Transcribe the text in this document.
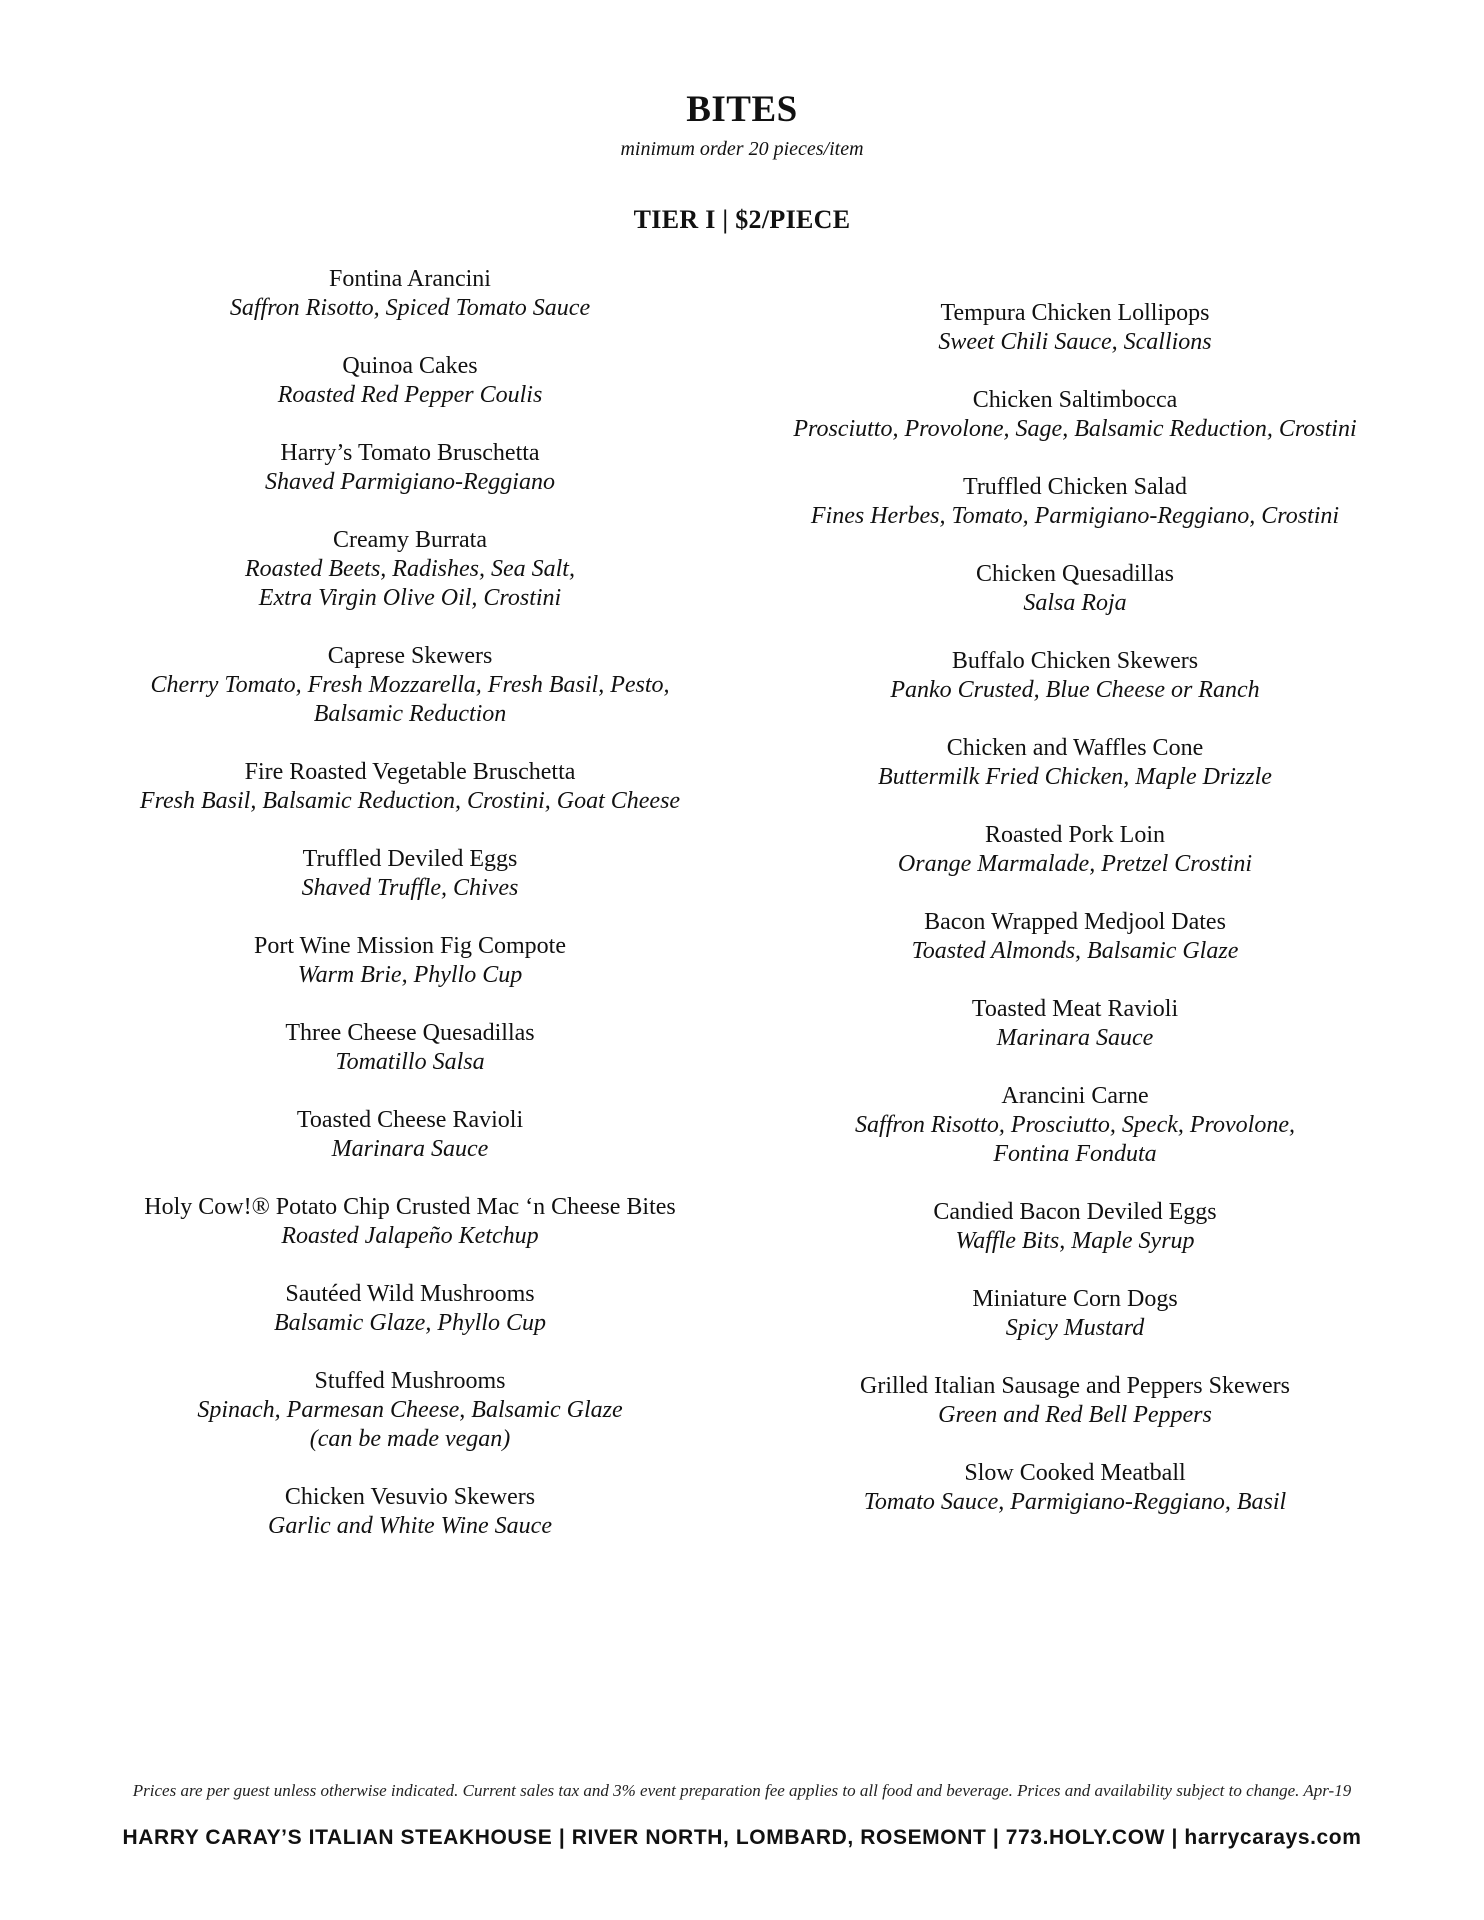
BITES
minimum order 20 pieces/item
TIER I | $2/PIECE
Fontina Arancini
Saffron Risotto, Spiced Tomato Sauce
Quinoa Cakes
Roasted Red Pepper Coulis
Harry’s Tomato Bruschetta
Shaved Parmigiano-Reggiano
Creamy Burrata
Roasted Beets, Radishes, Sea Salt,
Extra Virgin Olive Oil, Crostini
Caprese Skewers
Cherry Tomato, Fresh Mozzarella, Fresh Basil, Pesto,
Balsamic Reduction
Fire Roasted Vegetable Bruschetta
Fresh Basil, Balsamic Reduction, Crostini, Goat Cheese
Truffled Deviled Eggs
Shaved Truffle, Chives
Port Wine Mission Fig Compote
Warm Brie, Phyllo Cup
Three Cheese Quesadillas
Tomatillo Salsa
Toasted Cheese Ravioli
Marinara Sauce
Holy Cow!® Potato Chip Crusted Mac ‘n Cheese Bites
Roasted Jalapeño Ketchup
Sautéed Wild Mushrooms
Balsamic Glaze, Phyllo Cup
Stuffed Mushrooms
Spinach, Parmesan Cheese, Balsamic Glaze
(can be made vegan)
Chicken Vesuvio Skewers
Garlic and White Wine Sauce
Tempura Chicken Lollipops
Sweet Chili Sauce, Scallions
Chicken Saltimbocca
Prosciutto, Provolone, Sage, Balsamic Reduction, Crostini
Truffled Chicken Salad
Fines Herbes, Tomato, Parmigiano-Reggiano, Crostini
Chicken Quesadillas
Salsa Roja
Buffalo Chicken Skewers
Panko Crusted, Blue Cheese or Ranch
Chicken and Waffles Cone
Buttermilk Fried Chicken, Maple Drizzle
Roasted Pork Loin
Orange Marmalade, Pretzel Crostini
Bacon Wrapped Medjool Dates
Toasted Almonds, Balsamic Glaze
Toasted Meat Ravioli
Marinara Sauce
Arancini Carne
Saffron Risotto, Prosciutto, Speck, Provolone,
Fontina Fonduta
Candied Bacon Deviled Eggs
Waffle Bits, Maple Syrup
Miniature Corn Dogs
Spicy Mustard
Grilled Italian Sausage and Peppers Skewers
Green and Red Bell Peppers
Slow Cooked Meatball
Tomato Sauce, Parmigiano-Reggiano, Basil
Prices are per guest unless otherwise indicated. Current sales tax and 3% event preparation fee applies to all food and beverage. Prices and availability subject to change. Apr-19
HARRY CARAY’S ITALIAN STEAKHOUSE | RIVER NORTH, LOMBARD, ROSEMONT | 773.HOLY.COW | harrycarays.com
